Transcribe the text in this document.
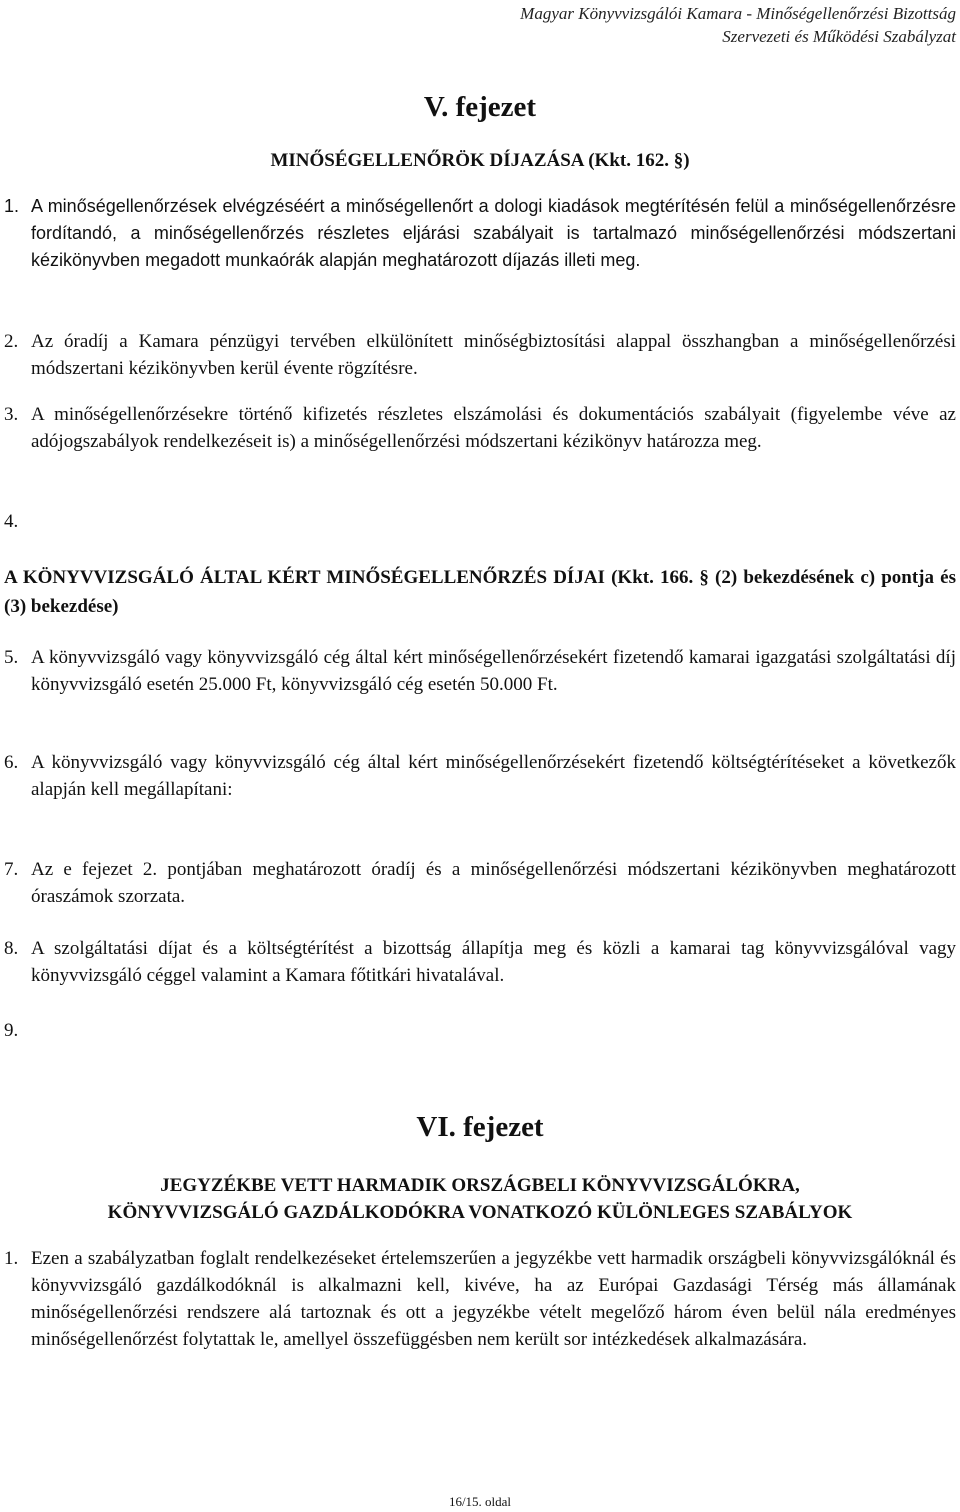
Magyar Könyvvizsgálói Kamara - Minőségellenőrzési Bizottság
Szervezeti és Működési Szabályzat
V. fejezet
MINŐSÉGELLENŐRÖK DÍJAZÁSA (Kkt. 162. §)
1. A minőségellenőrzések elvégzéséért a minőségellenőrt a dologi kiadások megtérítésén felül a minőségellenőrzésre fordítandó, a minőségellenőrzés részletes eljárási szabályait is tartalmazó minőségellenőrzési módszertani kézikönyvben megadott munkaórák alapján meghatározott díjazás illeti meg.
2. Az óradíj a Kamara pénzügyi tervében elkülönített minőségbiztosítási alappal összhangban a minőségellenőrzési módszertani kézikönyvben kerül évente rögzítésre.
3. A minőségellenőrzésekre történő kifizetés részletes elszámolási és dokumentációs szabályait (figyelembe véve az adójogszabályok rendelkezéseit is) a minőségellenőrzési módszertani kézikönyv határozza meg.
4.
A KÖNYVVIZSGÁLÓ ÁLTAL KÉRT MINŐSÉGELLENŐRZÉS DÍJAI (Kkt. 166. § (2) bekezdésének c) pontja és (3) bekezdése)
5. A könyvvizsgáló vagy könyvvizsgáló cég által kért minőségellenőrzésekért fizetendő kamarai igazgatási szolgáltatási díj könyvvizsgáló esetén 25.000 Ft, könyvvizsgáló cég esetén 50.000 Ft.
6. A könyvvizsgáló vagy könyvvizsgáló cég által kért minőségellenőrzésekért fizetendő költségtérítéseket a következők alapján kell megállapítani:
7. Az e fejezet 2. pontjában meghatározott óradíj és a minőségellenőrzési módszertani kézikönyvben meghatározott óraszámok szorzata.
8. A szolgáltatási díjat és a költségtérítést a bizottság állapítja meg és közli a kamarai tag könyvvizsgálóval vagy könyvvizsgáló céggel valamint a Kamara főtitkári hivatalával.
9.
VI. fejezet
JEGYZÉKBE VETT HARMADIK ORSZÁGBELI KÖNYVVIZSGÁLÓKRA,
KÖNYVVIZSGÁLÓ GAZDÁLKODÓKRA VONATKOZÓ KÜLÖNLEGES SZABÁLYOK
1. Ezen a szabályzatban foglalt rendelkezéseket értelemszerűen a jegyzékbe vett harmadik országbeli könyvvizsgálóknál és könyvvizsgáló gazdálkodóknál is alkalmazni kell, kivéve, ha az Európai Gazdasági Térség más államának minőségellenőrzési rendszere alá tartoznak és ott a jegyzékbe vételt megelőző három éven belül nála eredményes minőségellenőrzést folytattak le, amellyel összefüggésben nem került sor intézkedések alkalmazására.
16/15. oldal
